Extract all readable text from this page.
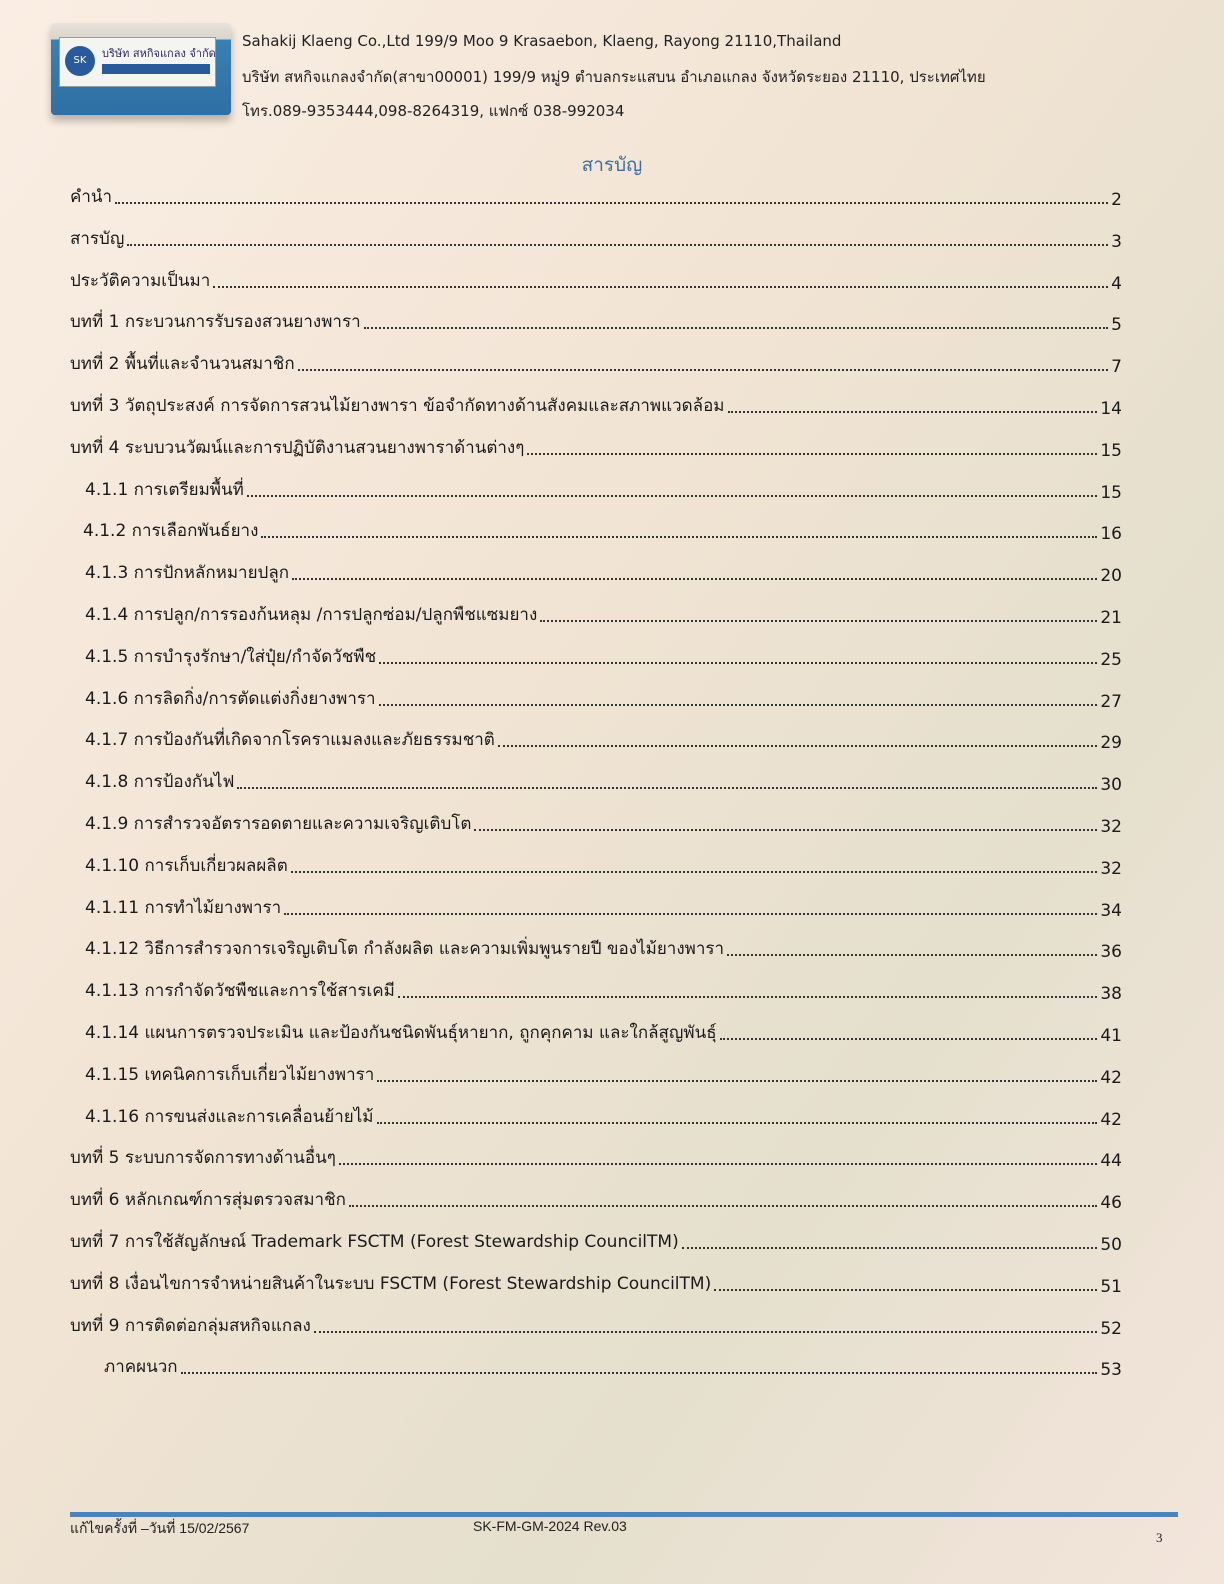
SK
บริษัท สหกิจแกลง จำกัด
Sahakij Klaeng Co.,Ltd 199/9 Moo 9 Krasaebon, Klaeng, Rayong 21110,Thailand
บริษัท สหกิจแกลงจำกัด(สาขา00001) 199/9 หมู่9 ตำบลกระแสบน อำเภอแกลง จังหวัดระยอง 21110, ประเทศไทย
โทร.089-9353444,098-8264319, แฟกซ์ 038-992034
สารบัญ
คำนำ	2
สารบัญ	3
ประวัติความเป็นมา	4
บทที่ 1 กระบวนการรับรองสวนยางพารา	5
บทที่ 2 พื้นที่และจำนวนสมาชิก	7
บทที่ 3 วัตถุประสงค์ การจัดการสวนไม้ยางพารา ข้อจำกัดทางด้านสังคมและสภาพแวดล้อม	14
บทที่ 4 ระบบวนวัฒน์และการปฏิบัติงานสวนยางพาราด้านต่างๆ	15
4.1.1 การเตรียมพื้นที่	15
4.1.2 การเลือกพันธ์ยาง	16
4.1.3 การปักหลักหมายปลูก	20
4.1.4 การปลูก/การรองก้นหลุม /การปลูกซ่อม/ปลูกพืชแซมยาง	21
4.1.5 การบำรุงรักษา/ใส่ปุ๋ย/กำจัดวัชพืช	25
4.1.6 การลิดกิ่ง/การตัดแต่งกิ่งยางพารา	27
4.1.7 การป้องกันที่เกิดจากโรคราแมลงและภัยธรรมชาติ	29
4.1.8 การป้องกันไฟ	30
4.1.9 การสำรวจอัตรารอดตายและความเจริญเติบโต	32
4.1.10 การเก็บเกี่ยวผลผลิต	32
4.1.11 การทำไม้ยางพารา	34
4.1.12 วิธีการสำรวจการเจริญเติบโต กำลังผลิต และความเพิ่มพูนรายปี ของไม้ยางพารา	36
4.1.13 การกำจัดวัชพืชและการใช้สารเคมี	38
4.1.14 แผนการตรวจประเมิน และป้องกันชนิดพันธุ์หายาก, ถูกคุกคาม และใกล้สูญพันธุ์	41
4.1.15 เทคนิคการเก็บเกี่ยวไม้ยางพารา	42
4.1.16 การขนส่งและการเคลื่อนย้ายไม้	42
บทที่ 5 ระบบการจัดการทางด้านอื่นๆ	44
บทที่ 6 หลักเกณฑ์การสุ่มตรวจสมาชิก	46
บทที่ 7 การใช้สัญลักษณ์ Trademark FSCTM (Forest Stewardship CouncilTM)	50
บทที่ 8 เงื่อนไขการจำหน่ายสินค้าในระบบ FSCTM (Forest Stewardship CouncilTM)	51
บทที่ 9 การติดต่อกลุ่มสหกิจแกลง	52
ภาคผนวก	53
แก้ไขครั้งที่ –วันที่ 15/02/2567	SK-FM-GM-2024 Rev.03
3
